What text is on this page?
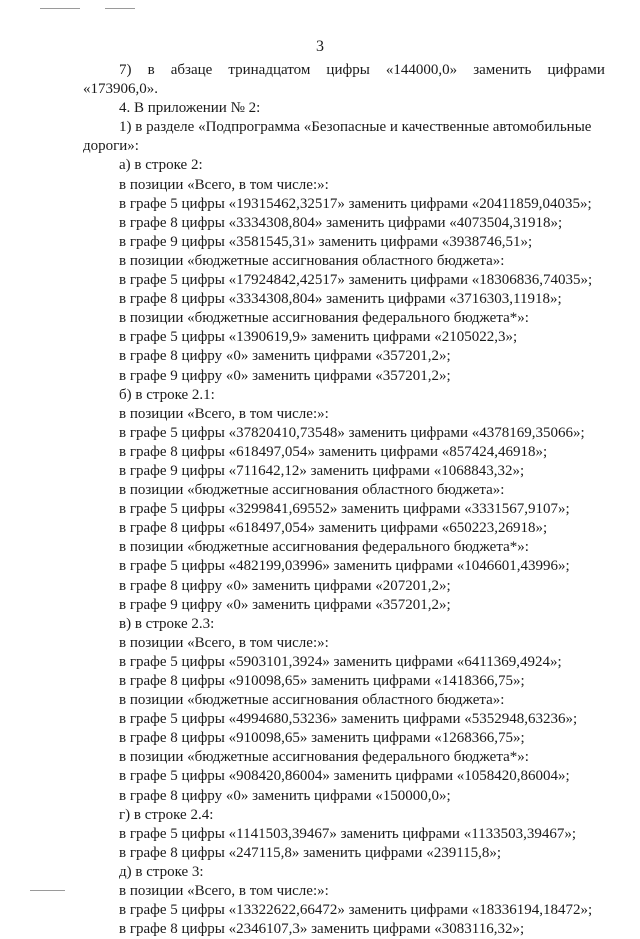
3
7) в абзаце тринадцатом цифры «144000,0» заменить цифрами
«173906,0».
4. В приложении № 2:
1) в разделе «Подпрограмма «Безопасные и качественные автомобильные
дороги»:
а) в строке 2:
в позиции «Всего, в том числе:»:
в графе 5 цифры «19315462,32517» заменить цифрами «20411859,04035»;
в графе 8 цифры «3334308,804» заменить цифрами «4073504,31918»;
в графе 9 цифры «3581545,31» заменить цифрами «3938746,51»;
в позиции «бюджетные ассигнования областного бюджета»:
в графе 5 цифры «17924842,42517» заменить цифрами «18306836,74035»;
в графе 8 цифры «3334308,804» заменить цифрами «3716303,11918»;
в позиции «бюджетные ассигнования федерального бюджета*»:
в графе 5 цифры «1390619,9» заменить цифрами «2105022,3»;
в графе 8 цифру «0» заменить цифрами «357201,2»;
в графе 9 цифру «0» заменить цифрами «357201,2»;
б) в строке 2.1:
в позиции «Всего, в том числе:»:
в графе 5 цифры «37820410,73548» заменить цифрами «4378169,35066»;
в графе 8 цифры «618497,054» заменить цифрами «857424,46918»;
в графе 9 цифры «711642,12» заменить цифрами «1068843,32»;
в позиции «бюджетные ассигнования областного бюджета»:
в графе 5 цифры «3299841,69552» заменить цифрами «3331567,9107»;
в графе 8 цифры «618497,054» заменить цифрами «650223,26918»;
в позиции «бюджетные ассигнования федерального бюджета*»:
в графе 5 цифры «482199,03996» заменить цифрами «1046601,43996»;
в графе 8 цифру «0» заменить цифрами «207201,2»;
в графе 9 цифру «0» заменить цифрами «357201,2»;
в) в строке 2.3:
в позиции «Всего, в том числе:»:
в графе 5 цифры «5903101,3924» заменить цифрами «6411369,4924»;
в графе 8 цифры «910098,65» заменить цифрами «1418366,75»;
в позиции «бюджетные ассигнования областного бюджета»:
в графе 5 цифры «4994680,53236» заменить цифрами «5352948,63236»;
в графе 8 цифры «910098,65» заменить цифрами «1268366,75»;
в позиции «бюджетные ассигнования федерального бюджета*»:
в графе 5 цифры «908420,86004» заменить цифрами «1058420,86004»;
в графе 8 цифру «0» заменить цифрами «150000,0»;
г) в строке 2.4:
в графе 5 цифры «1141503,39467» заменить цифрами «1133503,39467»;
в графе 8 цифры «247115,8» заменить цифрами «239115,8»;
д) в строке 3:
в позиции «Всего, в том числе:»:
в графе 5 цифры «13322622,66472» заменить цифрами «18336194,18472»;
в графе 8 цифры «2346107,3» заменить цифрами «3083116,32»;
